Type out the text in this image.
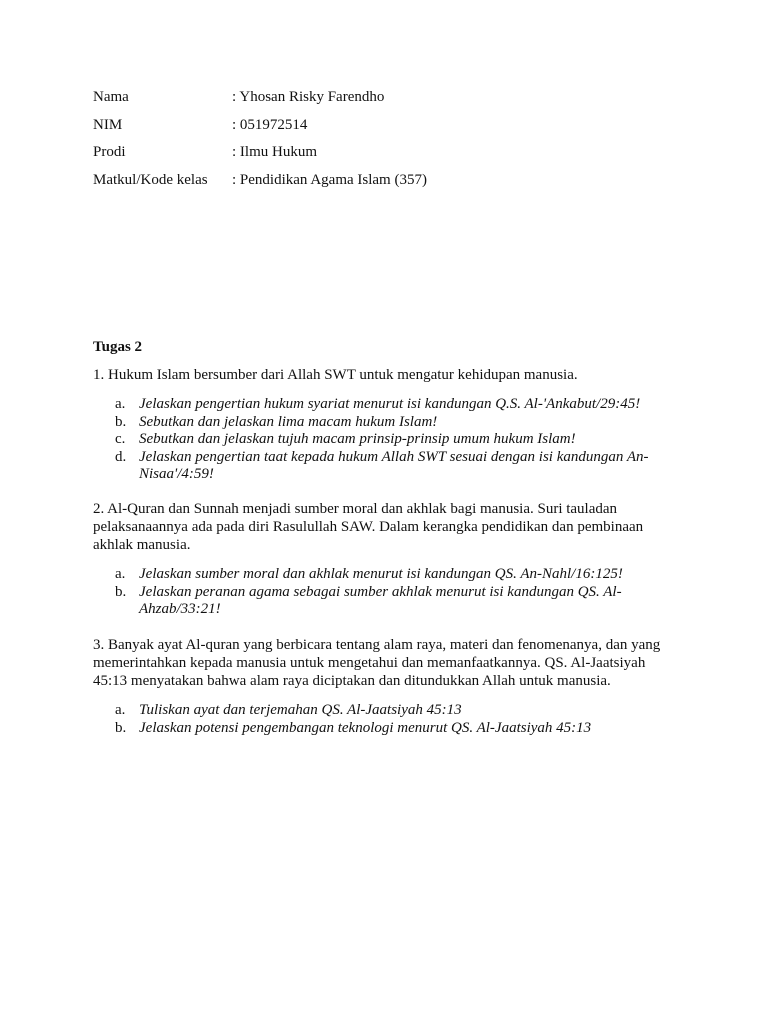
Nama	: Yhosan Risky Farendho
NIM	: 051972514
Prodi	: Ilmu Hukum
Matkul/Kode kelas	: Pendidikan Agama Islam (357)
Tugas 2

1. Hukum Islam bersumber dari Allah SWT untuk mengatur kehidupan manusia.

a. Jelaskan pengertian hukum syariat menurut isi kandungan Q.S. Al-'Ankabut/29:45!
b. Sebutkan dan jelaskan lima macam hukum Islam!
c. Sebutkan dan jelaskan tujuh macam prinsip-prinsip umum hukum Islam!
d. Jelaskan pengertian taat kepada hukum Allah SWT sesuai dengan isi kandungan An-Nisaa'/4:59!

2. Al-Quran dan Sunnah menjadi sumber moral dan akhlak bagi manusia. Suri tauladan pelaksanaannya ada pada diri Rasulullah SAW. Dalam kerangka pendidikan dan pembinaan akhlak manusia.

a. Jelaskan sumber moral dan akhlak menurut isi kandungan QS. An-Nahl/16:125!
b. Jelaskan peranan agama sebagai sumber akhlak menurut isi kandungan QS. Al-Ahzab/33:21!

3. Banyak ayat Al-quran yang berbicara tentang alam raya, materi dan fenomenanya, dan yang memerintahkan kepada manusia untuk mengetahui dan memanfaatkannya. QS. Al-Jaatsiyah 45:13 menyatakan bahwa alam raya diciptakan dan ditundukkan Allah untuk manusia.

a. Tuliskan ayat dan terjemahan QS. Al-Jaatsiyah 45:13
b. Jelaskan potensi pengembangan teknologi menurut QS. Al-Jaatsiyah 45:13
